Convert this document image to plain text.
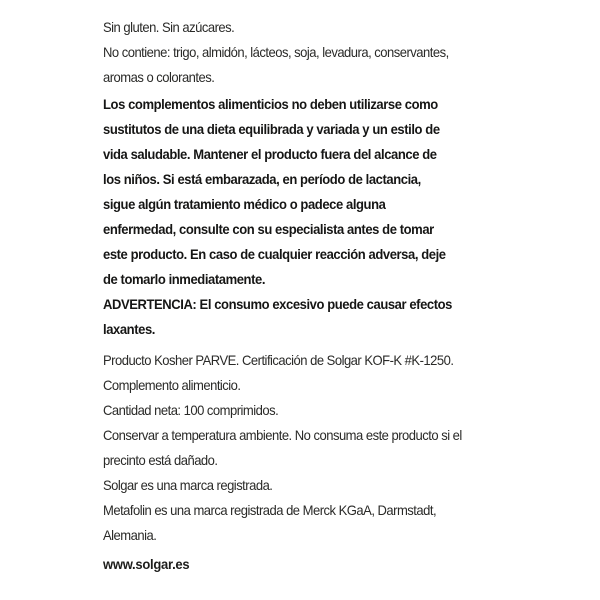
Sin gluten. Sin azúcares.
No contiene: trigo, almidón, lácteos, soja, levadura, conservantes,
aromas o colorantes.
Los complementos alimenticios no deben utilizarse como
sustitutos de una dieta equilibrada y variada y un estilo de
vida saludable. Mantener el producto fuera del alcance de
los niños. Si está embarazada, en período de lactancia,
sigue algún tratamiento médico o padece alguna
enfermedad, consulte con su especialista antes de tomar
este producto. En caso de cualquier reacción adversa, deje
de tomarlo inmediatamente.
ADVERTENCIA: El consumo excesivo puede causar efectos
laxantes.
Producto Kosher PARVE. Certificación de Solgar KOF-K #K-1250.
Complemento alimenticio.
Cantidad neta: 100 comprimidos.
Conservar a temperatura ambiente. No consuma este producto si el
precinto está dañado.
Solgar es una marca registrada.
Metafolin es una marca registrada de Merck KGaA, Darmstadt,
Alemania.
www.solgar.es
